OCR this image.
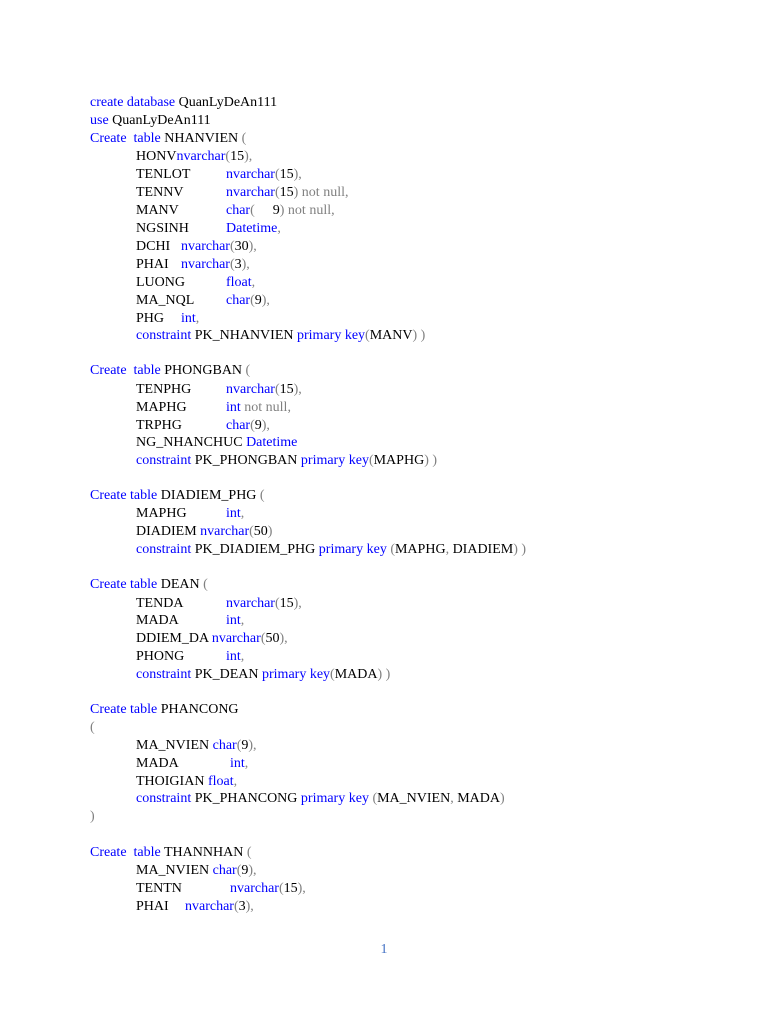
create database QuanLyDeAn111
use QuanLyDeAn111
Create  table NHANVIEN (
HONVnvarchar(15),
TENLOT	nvarchar(15),
TENNV	nvarchar(15) not null,
MANV	char( 9) not null,
NGSINH	Datetime,
DCHI nvarchar(30),
PHAI nvarchar(3),
LUONG	float,
MA_NQL char(9),
PHG int,
constraint PK_NHANVIEN primary key(MANV) )
Create  table PHONGBAN (
TENPHG nvarchar(15),
MAPHG	int not null,
TRPHG	char(9),
NG_NHANCHUC Datetime
constraint PK_PHONGBAN primary key(MAPHG) )
Create table DIADIEM_PHG (
MAPHG	int,
DIADIEM nvarchar(50)
constraint PK_DIADIEM_PHG primary key (MAPHG, DIADIEM) )
Create table DEAN (
TENDA	nvarchar(15),
MADA	int,
DDIEM_DA nvarchar(50),
PHONG	int,
constraint PK_DEAN primary key(MADA) )
Create table PHANCONG
(
MA_NVIEN char(9),
MADA	int,
THOIGIAN float,
constraint PK_PHANCONG primary key (MA_NVIEN, MADA)
)
Create  table THANNHAN (
MA_NVIEN char(9),
TENTN	nvarchar(15),
PHAI nvarchar(3),
1
